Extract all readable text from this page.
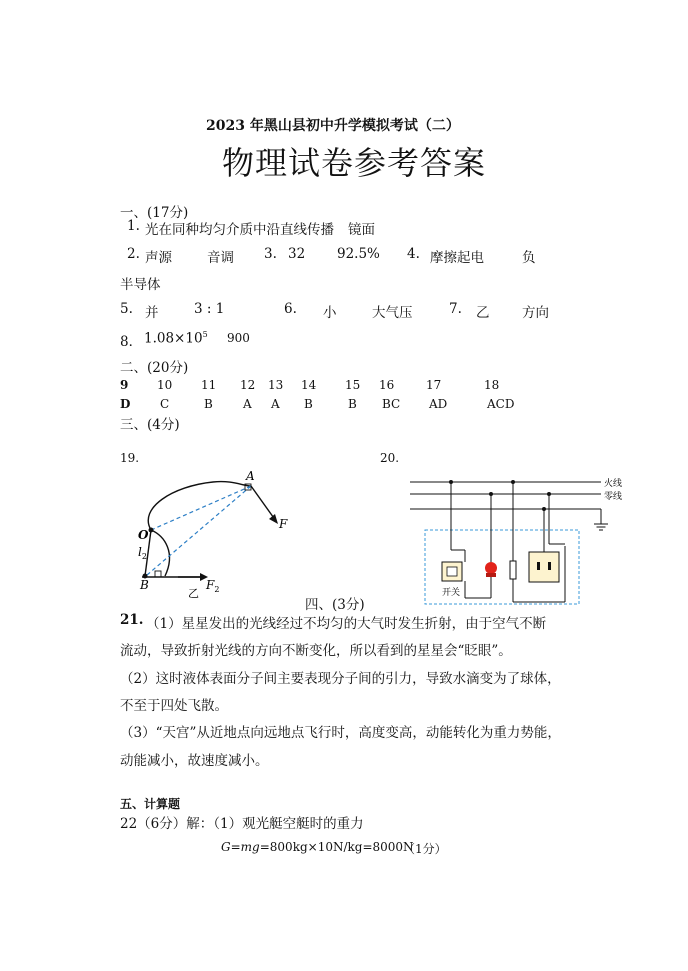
2023 年黑山县初中升学模拟考试（二）
物理试卷参考答案
一、(17分)
1. 光在同种均匀介质中沿直线传播 镜面
2. 声源	音调 3. 32 92.5% 4. 摩擦起电	负
半导体
5. 并	3 : 1	6. 小	大气压	7. 乙 方向
8． $1.08\times 10^5$ 900
二、(20分)
9 10 11 12 13 14 15 16	17	18
D C	B	A A B	B BC AD	ACD
三、(4分)
19.	20.
A
F
O
$l_2$
B	$F_2$
乙
火线
零线
开关
四、(3分)
21. （1）星星发出的光线经过不均匀的大气时发生折射，由于空气不断
流动，导致折射光线的方向不断变化，所以看到的星星会“眨眼”。
（2）这时液体表面分子间主要表现分子间的引力，导致水滴变为了球体，
不至于四处飞散。
（3）“天宫”从近地点向远地点飞行时，高度变高，动能转化为重力势能，
动能减小，故速度减小。
五、计算题
22（6分）解：（1）观光艇空艇时的重力
G=mg=800kg×10N/kg=8000N
（1分）
